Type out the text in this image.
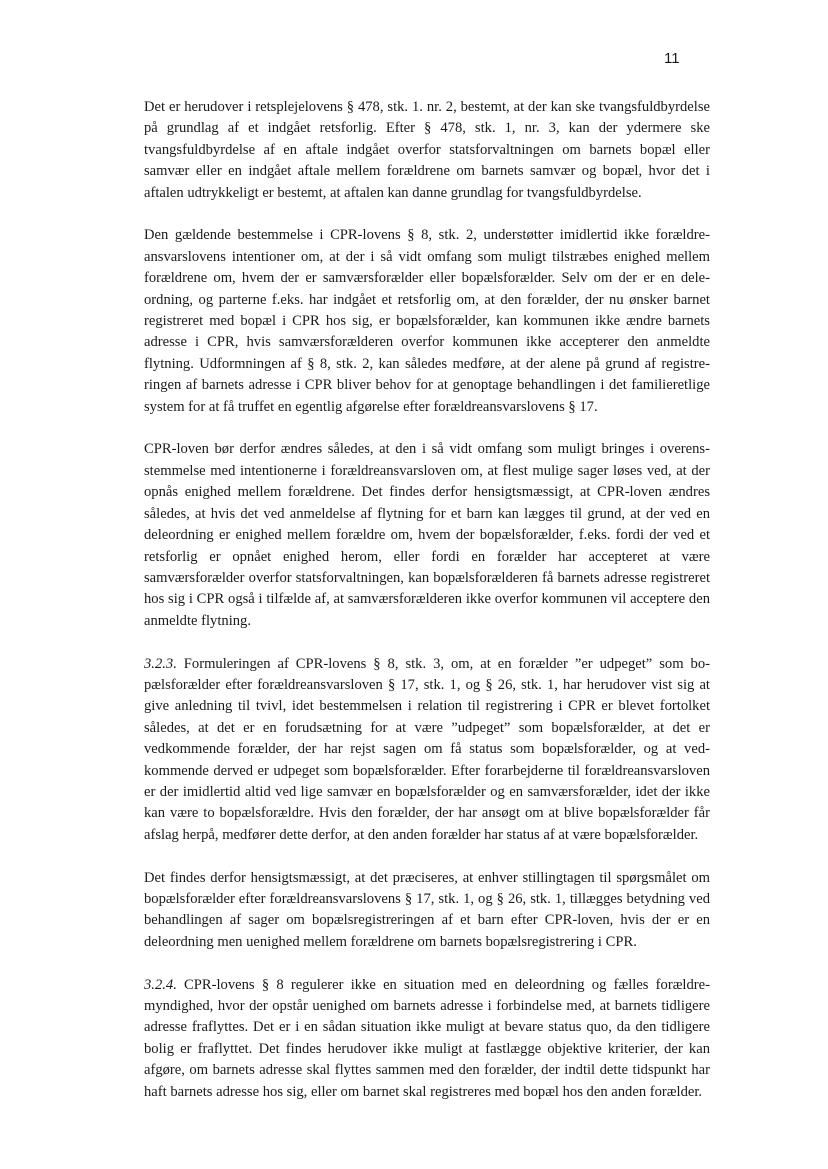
11

Det er herudover i retsplejelovens § 478, stk. 1. nr. 2, bestemt, at der kan ske tvangsfuldbyrdelse på grundlag af et indgået retsforlig. Efter § 478, stk. 1, nr. 3, kan der ydermere ske tvangsfuldbyrdelse af en aftale indgået overfor statsforvaltningen om barnets bopæl eller samvær eller en indgået aftale mellem forældrene om barnets samvær og bopæl, hvor det i aftalen udtrykkeligt er bestemt, at aftalen kan danne grundlag for tvangsfuldbyrdelse.

Den gældende bestemmelse i CPR-lovens § 8, stk. 2, understøtter imidlertid ikke forældreansvarslovens intentioner om, at der i så vidt omfang som muligt tilstræbes enighed mellem forældrene om, hvem der er samværsforælder eller bopælsforælder. Selv om der er en deleordning, og parterne f.eks. har indgået et retsforlig om, at den forælder, der nu ønsker barnet registreret med bopæl i CPR hos sig, er bopælsforælder, kan kommunen ikke ændre barnets adresse i CPR, hvis samværsforælderen overfor kommunen ikke accepterer den anmeldte flytning. Udformningen af § 8, stk. 2, kan således medføre, at der alene på grund af registreringen af barnets adresse i CPR bliver behov for at genoptage behandlingen i det familieretlige system for at få truffet en egentlig afgørelse efter forældreansvarslovens § 17.

CPR-loven bør derfor ændres således, at den i så vidt omfang som muligt bringes i overensstemmelse med intentionerne i forældreansvarsloven om, at flest mulige sager løses ved, at der opnås enighed mellem forældrene. Det findes derfor hensigtsmæssigt, at CPR-loven ændres således, at hvis det ved anmeldelse af flytning for et barn kan lægges til grund, at der ved en deleordning er enighed mellem forældre om, hvem der bopælsforælder, f.eks. fordi der ved et retsforlig er opnået enighed herom, eller fordi en forælder har accepteret at være samværsforælder overfor statsforvaltningen, kan bopælsforælderen få barnets adresse registreret hos sig i CPR også i tilfælde af, at samværsforælderen ikke overfor kommunen vil acceptere den anmeldte flytning.

3.2.3. Formuleringen af CPR-lovens § 8, stk. 3, om, at en forælder ”er udpeget” som bopælsforælder efter forældreansvarsloven § 17, stk. 1, og § 26, stk. 1, har herudover vist sig at give anledning til tvivl, idet bestemmelsen i relation til registrering i CPR er blevet fortolket således, at det er en forudsætning for at være ”udpeget” som bopælsforælder, at det er vedkommende forælder, der har rejst sagen om få status som bopælsforælder, og at vedkommende derved er udpeget som bopælsforælder. Efter forarbejderne til forældreansvarsloven er der imidlertid altid ved lige samvær en bopælsforælder og en samværsforælder, idet der ikke kan være to bopælsforældre. Hvis den forælder, der har ansøgt om at blive bopælsforælder får afslag herpå, medfører dette derfor, at den anden forælder har status af at være bopælsforælder.

Det findes derfor hensigtsmæssigt, at det præciseres, at enhver stillingtagen til spørgsmålet om bopælsforælder efter forældreansvarslovens § 17, stk. 1, og § 26, stk. 1, tillægges betydning ved behandlingen af sager om bopælsregistreringen af et barn efter CPR-loven, hvis der er en deleordning men uenighed mellem forældrene om barnets bopælsregistrering i CPR.

3.2.4. CPR-lovens § 8 regulerer ikke en situation med en deleordning og fælles forældremyndighed, hvor der opstår uenighed om barnets adresse i forbindelse med, at barnets tidligere adresse fraflyttes. Det er i en sådan situation ikke muligt at bevare status quo, da den tidligere bolig er fraflyttet. Det findes herudover ikke muligt at fastlægge objektive kriterier, der kan afgøre, om barnets adresse skal flyttes sammen med den forælder, der indtil dette tidspunkt har haft barnets adresse hos sig, eller om barnet skal registreres med bopæl hos den anden forælder.
